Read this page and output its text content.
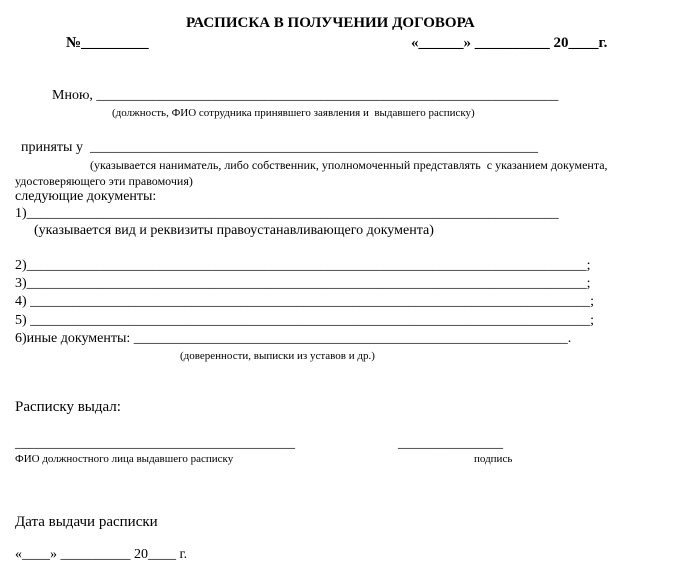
РАСПИСКА В ПОЛУЧЕНИИ ДОГОВОРА
№_________	«______» __________ 20____г.
Мною, __________________________________________________________________
(должность, ФИО сотрудника принявшего заявления и  выдавшего расписку)
приняты у  ________________________________________________________________
(указывается наниматель, либо собственник, уполномоченный представлять  с указанием документа,
удостоверяющего эти правомочия)
следующие документы:
1)____________________________________________________________________________
(указывается вид и реквизиты правоустанавливающего документа)
2)________________________________________________________________________________;
3)________________________________________________________________________________;
4) ________________________________________________________________________________;
5) ________________________________________________________________________________;
6)иные документы: ______________________________________________________________.
(доверенности, выписки из уставов и др.)
Расписку выдал:
________________________________________	_______________
ФИО должностного лица выдавшего расписку	подпись
Дата выдачи расписки
«____» __________ 20____ г.
